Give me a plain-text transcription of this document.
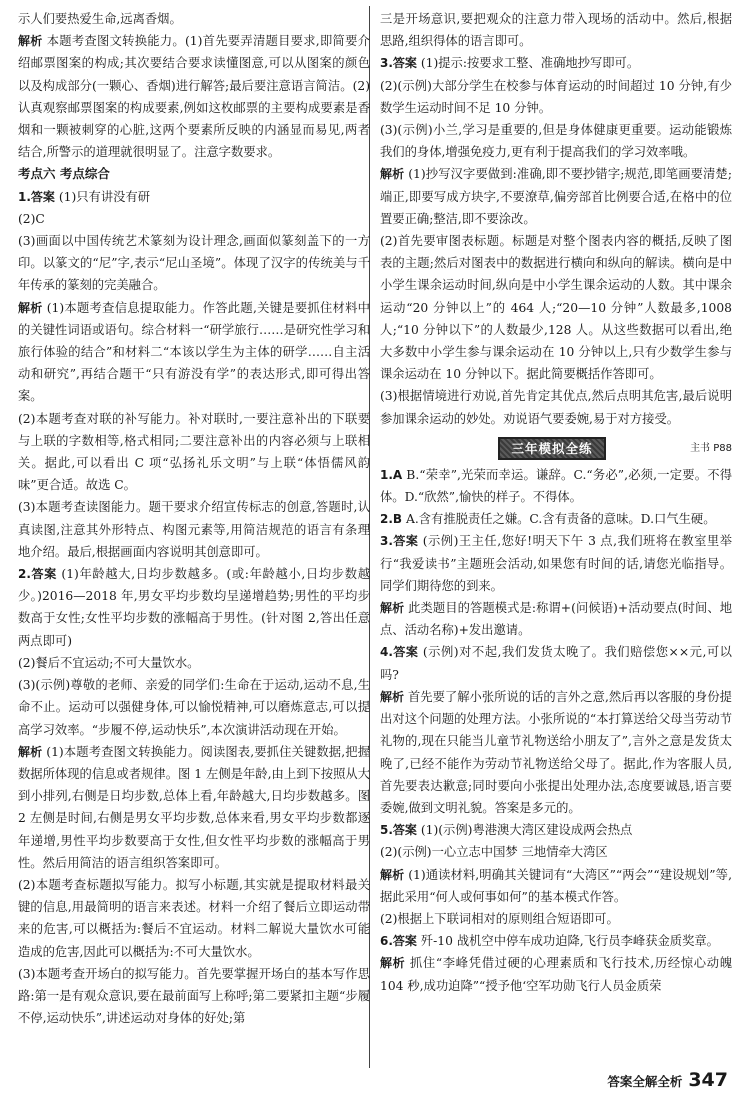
示人们要热爱生命,远离香烟。

解析 本题考查图文转换能力。(1)首先要弄清题目要求,即简要介绍邮票图案的构成;其次要结合要求读懂图意,可以从图案的颜色以及构成部分(一颗心、香烟)进行解答;最后要注意语言简洁。(2)认真观察邮票图案的构成要素,例如这枚邮票的主要构成要素是香烟和一颗被刺穿的心脏,这两个要素所反映的内涵显而易见,两者结合,所警示的道理就很明显了。注意字数要求。

考点六 考点综合

1.答案 (1)只有讲没有研

(2)C

(3)画面以中国传统艺术篆刻为设计理念,画面似篆刻盖下的一方印。以篆文的“尼”字,表示“尼山圣境”。体现了汉字的传统美与千年传承的篆刻的完美融合。

解析 (1)本题考查信息提取能力。作答此题,关键是要抓住材料中的关键性词语或语句。综合材料一“研学旅行……是研究性学习和旅行体验的结合”和材料二“本该以学生为主体的研学……自主活动和研究”,再结合题干“只有游没有学”的表达形式,即可得出答案。

(2)本题考查对联的补写能力。补对联时,一要注意补出的下联要与上联的字数相等,格式相同;二要注意补出的内容必须与上联相关。据此,可以看出 C 项“弘扬礼乐文明”与上联“体悟儒风韵味”更合适。故选 C。

(3)本题考查读图能力。题干要求介绍宣传标志的创意,答题时,认真读图,注意其外形特点、构图元素等,用简洁规范的语言有条理地介绍。最后,根据画面内容说明其创意即可。

2.答案 (1)年龄越大,日均步数越多。(或:年龄越小,日均步数越少。)2016—2018 年,男女平均步数均呈递增趋势;男性的平均步数高于女性;女性平均步数的涨幅高于男性。(针对图 2,答出任意两点即可)

(2)餐后不宜运动;不可大量饮水。

(3)(示例)尊敬的老师、亲爱的同学们:生命在于运动,运动不息,生命不止。运动可以强健身体,可以愉悦精神,可以磨炼意志,可以提高学习效率。“步履不停,运动快乐”,本次演讲活动现在开始。

解析 (1)本题考查图文转换能力。阅读图表,要抓住关键数据,把握数据所体现的信息或者规律。图 1 左侧是年龄,由上到下按照从大到小排列,右侧是日均步数,总体上看,年龄越大,日均步数越多。图 2 左侧是时间,右侧是男女平均步数,总体来看,男女平均步数都逐年递增,男性平均步数要高于女性,但女性平均步数的涨幅高于男性。然后用简洁的语言组织答案即可。

(2)本题考查标题拟写能力。拟写小标题,其实就是提取材料最关键的信息,用最简明的语言来表述。材料一介绍了餐后立即运动带来的危害,可以概括为:餐后不宜运动。材料二解说大量饮水可能造成的危害,因此可以概括为:不可大量饮水。

(3)本题考查开场白的拟写能力。首先要掌握开场白的基本写作思路:第一是有观众意识,要在最前面写上称呼;第二要紧扣主题“步履不停,运动快乐”,讲述运动对身体的好处;第

三是开场意识,要把观众的注意力带入现场的活动中。然后,根据思路,组织得体的语言即可。

3.答案 (1)提示:按要求工整、准确地抄写即可。

(2)(示例)大部分学生在校参与体育运动的时间超过 10 分钟,有少数学生运动时间不足 10 分钟。

(3)(示例)小兰,学习是重要的,但是身体健康更重要。运动能锻炼我们的身体,增强免疫力,更有利于提高我们的学习效率哦。

解析 (1)抄写汉字要做到:准确,即不要抄错字;规范,即笔画要清楚;端正,即要写成方块字,不要潦草,偏旁部首比例要合适,在格中的位置要正确;整洁,即不要涂改。

(2)首先要审图表标题。标题是对整个图表内容的概括,反映了图表的主题;然后对图表中的数据进行横向和纵向的解读。横向是中小学生课余运动时间,纵向是中小学生课余运动的人数。其中课余运动“20 分钟以上”的 464 人;“20—10 分钟”人数最多,1008 人;“10 分钟以下”的人数最少,128 人。从这些数据可以看出,绝大多数中小学生参与课余运动在 10 分钟以上,只有少数学生参与课余运动在 10 分钟以下。据此简要概括作答即可。

(3)根据情境进行劝说,首先肯定其优点,然后点明其危害,最后说明参加课余运动的妙处。劝说语气要委婉,易于对方接受。

三年模拟全练	主书 P88

1.A B.“荣幸”,光荣而幸运。谦辞。C.“务必”,必须,一定要。不得体。D.“欣然”,愉快的样子。不得体。

2.B A.含有推脱责任之嫌。C.含有责备的意味。D.口气生硬。

3.答案 (示例)王主任,您好!明天下午 3 点,我们班将在教室里举行“我爱读书”主题班会活动,如果您有时间的话,请您光临指导。同学们期待您的到来。

解析 此类题目的答题模式是:称谓+(问候语)+活动要点(时间、地点、活动名称)+发出邀请。

4.答案 (示例)对不起,我们发货太晚了。我们赔偿您××元,可以吗?

解析 首先要了解小张所说的话的言外之意,然后再以客服的身份提出对这个问题的处理方法。小张所说的“本打算送给父母当劳动节礼物的,现在只能当儿童节礼物送给小朋友了”,言外之意是发货太晚了,已经不能作为劳动节礼物送给父母了。据此,作为客服人员,首先要表达歉意;同时要向小张提出处理办法,态度要诚恳,语言要委婉,做到文明礼貌。答案是多元的。

5.答案 (1)(示例)粤港澳大湾区建设成两会热点

(2)(示例)一心立志中国梦 三地情牵大湾区

解析 (1)通读材料,明确其关键词有“大湾区”“两会”“建设规划”等,据此采用“何人或何事如何”的基本模式作答。

(2)根据上下联词相对的原则组合短语即可。

6.答案 歼-10 战机空中停车成功迫降,飞行员李峰获金质奖章。

解析 抓住“李峰凭借过硬的心理素质和飞行技术,历经惊心动魄 104 秒,成功迫降”“授予他‘空军功勋飞行人员金质荣

答案全解全析 347
